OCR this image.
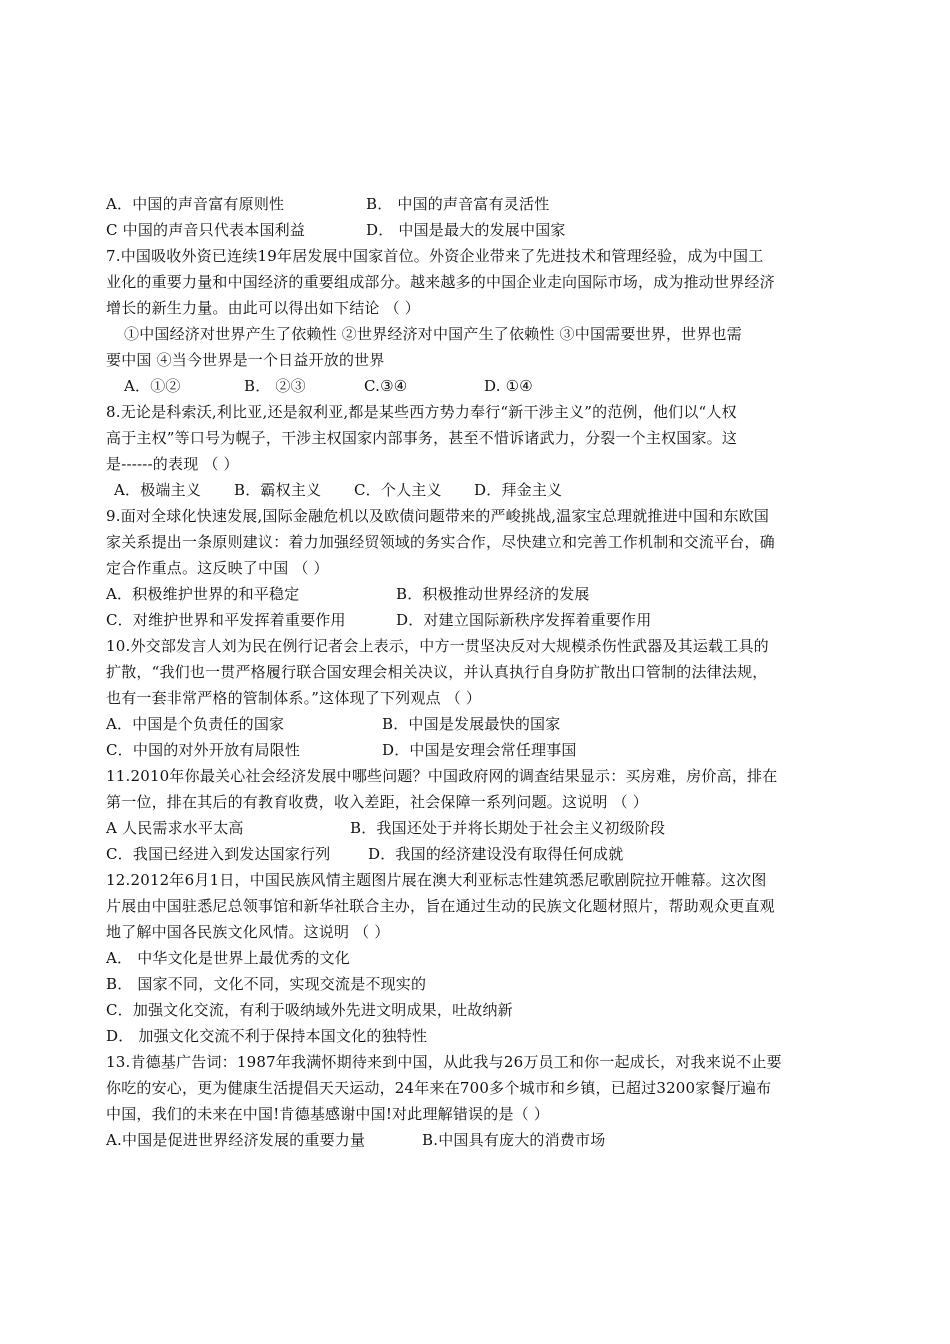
A．中国的声音富有原则性	B． 中国的声音富有灵活性
C 中国的声音只代表本国利益	D． 中国是最大的发展中国家
7.中国吸收外资已连续19年居发展中国家首位。外资企业带来了先进技术和管理经验，成为中国工
业化的重要力量和中国经济的重要组成部分。越来越多的中国企业走向国际市场，成为推动世界经济
增长的新生力量。由此可以得出如下结论 （ ）
①中国经济对世界产生了依赖性 ②世界经济对中国产生了依赖性 ③中国需要世界，世界也需
要中国 ④当今世界是一个日益开放的世界
A．①②	B． ②③	C.③④	D. ①④
8.无论是科索沃,利比亚,还是叙利亚,都是某些西方势力奉行“新干涉主义”的范例，他们以“人权
高于主权”等口号为幌子，干涉主权国家内部事务，甚至不惜诉诸武力，分裂一个主权国家。这
是------的表现 （ ）
A．极端主义 B．霸权主义 C．个人主义 D．拜金主义
9.面对全球化快速发展,国际金融危机以及欧债问题带来的严峻挑战,温家宝总理就推进中国和东欧国
家关系提出一条原则建议：着力加强经贸领域的务实合作，尽快建立和完善工作机制和交流平台，确
定合作重点。这反映了中国 （ ）
A．积极维护世界的和平稳定	B．积极推动世界经济的发展
C．对维护世界和平发挥着重要作用	D．对建立国际新秩序发挥着重要作用
10.外交部发言人刘为民在例行记者会上表示，中方一贯坚决反对大规模杀伤性武器及其运载工具的
扩散，“我们也一贯严格履行联合国安理会相关决议，并认真执行自身防扩散出口管制的法律法规，
也有一套非常严格的管制体系。”这体现了下列观点 （ ）
A．中国是个负责任的国家	B．中国是发展最快的国家
C．中国的对外开放有局限性	D．中国是安理会常任理事国
11.2010年你最关心社会经济发展中哪些问题？中国政府网的调查结果显示：买房难，房价高，排在
第一位，排在其后的有教育收费，收入差距，社会保障一系列问题。这说明 （ ）
A 人民需求水平太高	B．我国还处于并将长期处于社会主义初级阶段
C．我国已经进入到发达国家行列	D．我国的经济建设没有取得任何成就
12.2012年6月1日，中国民族风情主题图片展在澳大利亚标志性建筑悉尼歌剧院拉开帷幕。这次图
片展由中国驻悉尼总领事馆和新华社联合主办，旨在通过生动的民族文化题材照片，帮助观众更直观
地了解中国各民族文化风情。这说明 （ ）
A． 中华文化是世界上最优秀的文化
B． 国家不同，文化不同，实现交流是不现实的
C．加强文化交流，有利于吸纳域外先进文明成果，吐故纳新
D． 加强文化交流不利于保持本国文化的独特性
13.肯德基广告词：1987年我满怀期待来到中国，从此我与26万员工和你一起成长，对我来说不止要
你吃的安心，更为健康生活提倡天天运动，24年来在700多个城市和乡镇，已超过3200家餐厅遍布
中国，我们的未来在中国!肯德基感谢中国!对此理解错误的是（ ）
A.中国是促进世界经济发展的重要力量	B.中国具有庞大的消费市场
